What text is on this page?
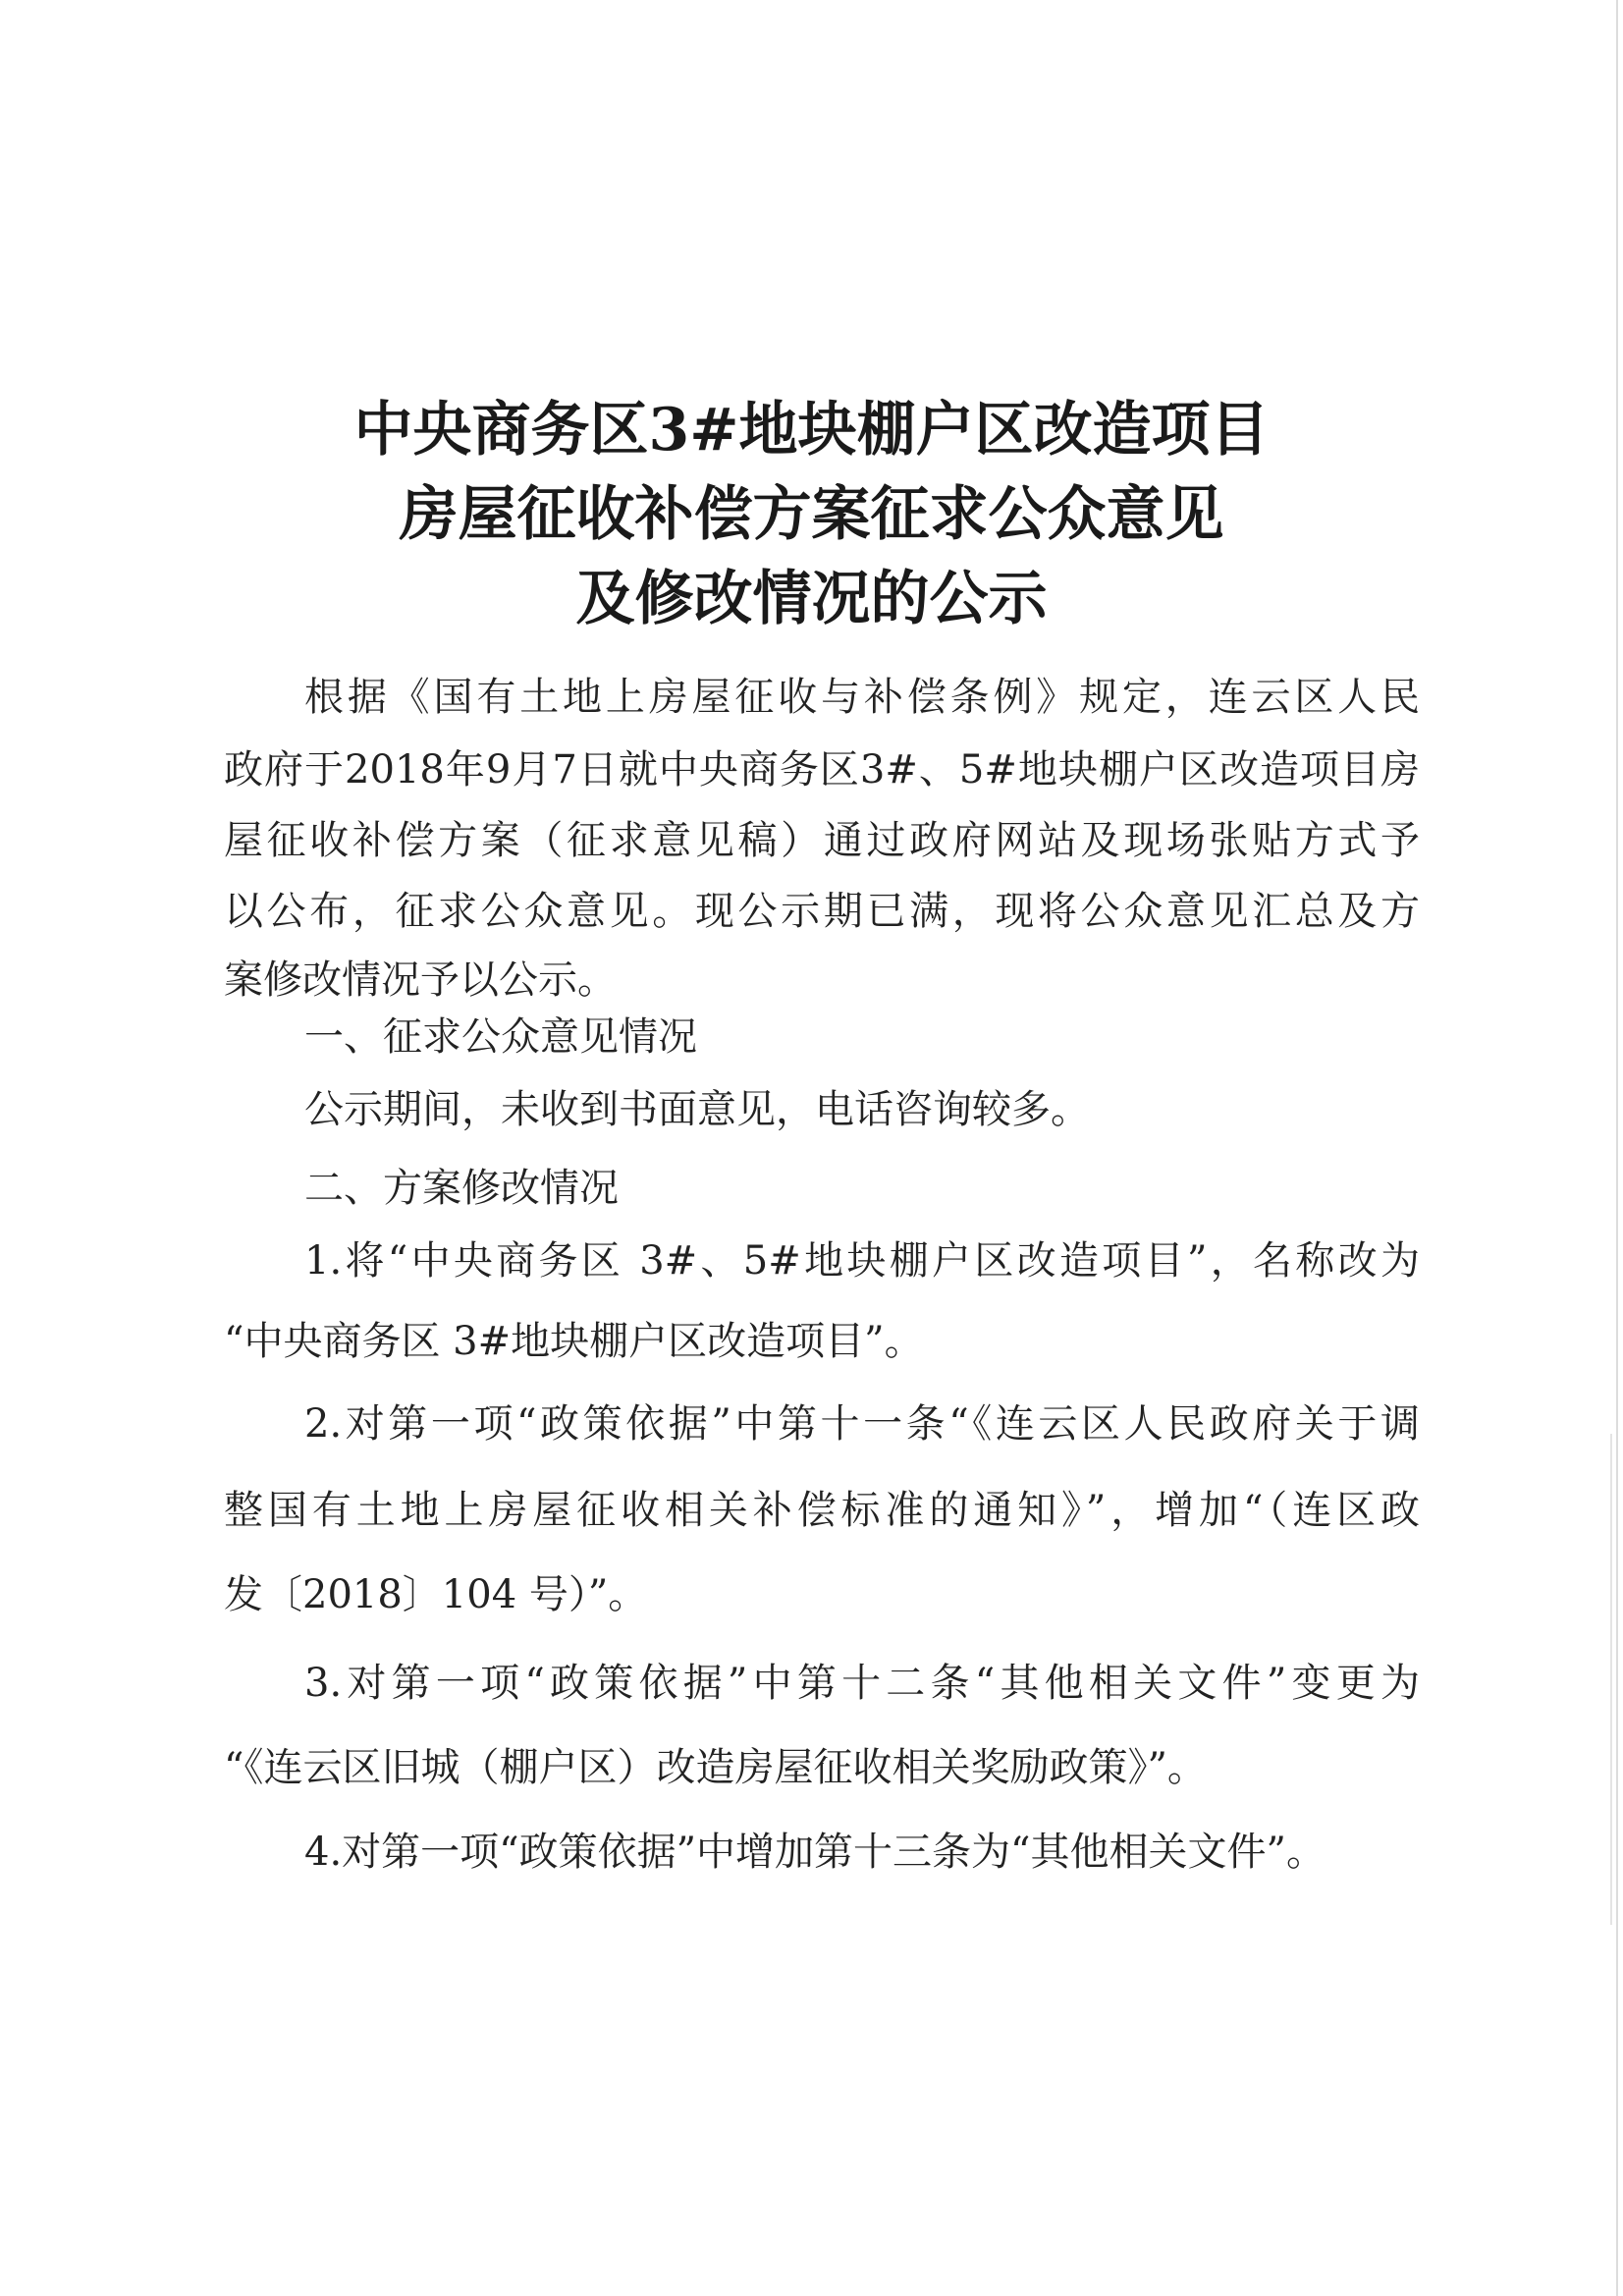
中央商务区3#地块棚户区改造项目
房屋征收补偿方案征求公众意见
及修改情况的公示
根据《国有土地上房屋征收与补偿条例》规定，连云区人民
政府于2018年9月7日就中央商务区3#、5#地块棚户区改造项目房
屋征收补偿方案（征求意见稿）通过政府网站及现场张贴方式予
以公布，征求公众意见。现公示期已满，现将公众意见汇总及方
案修改情况予以公示。
一、征求公众意见情况
公示期间，未收到书面意见，电话咨询较多。
二、方案修改情况
1.将“中央商务区 3#、5#地块棚户区改造项目”，名称改为
“中央商务区 3#地块棚户区改造项目”。
2.对第一项“政策依据”中第十一条“《连云区人民政府关于调
整国有土地上房屋征收相关补偿标准的通知》”，增加“（连区政
发〔2018〕104 号）”。
3.对第一项“政策依据”中第十二条“其他相关文件”变更为
“《连云区旧城（棚户区）改造房屋征收相关奖励政策》”。
4.对第一项“政策依据”中增加第十三条为“其他相关文件”。
